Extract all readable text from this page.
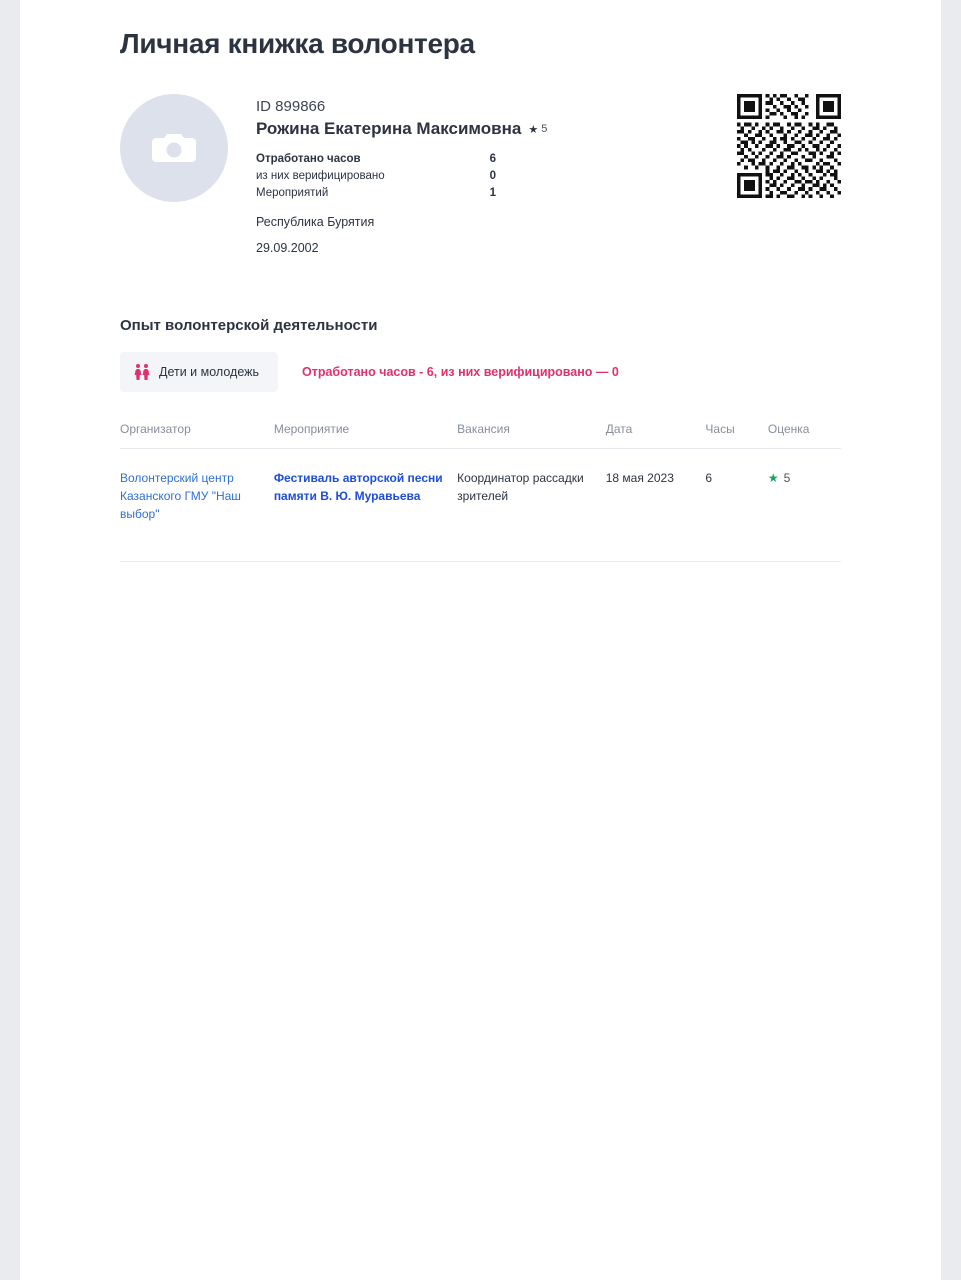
Личная книжка волонтера
ID 899866
Рожина Екатерина Максимовна ★ 5
Отработано часов	6
из них верифицировано	0
Мероприятий	1
Республика Бурятия
29.09.2002
Опыт волонтерской деятельности
Дети и молодежь	Отработано часов - 6, из них верифицировано — 0
Организатор	Мероприятие	Вакансия	Дата	Часы	Оценка
Волонтерский центр Казанского ГМУ "Наш выбор"	Фестиваль авторской песни памяти В. Ю. Муравьева	Координатор рассадки зрителей	18 мая 2023	6	★ 5
